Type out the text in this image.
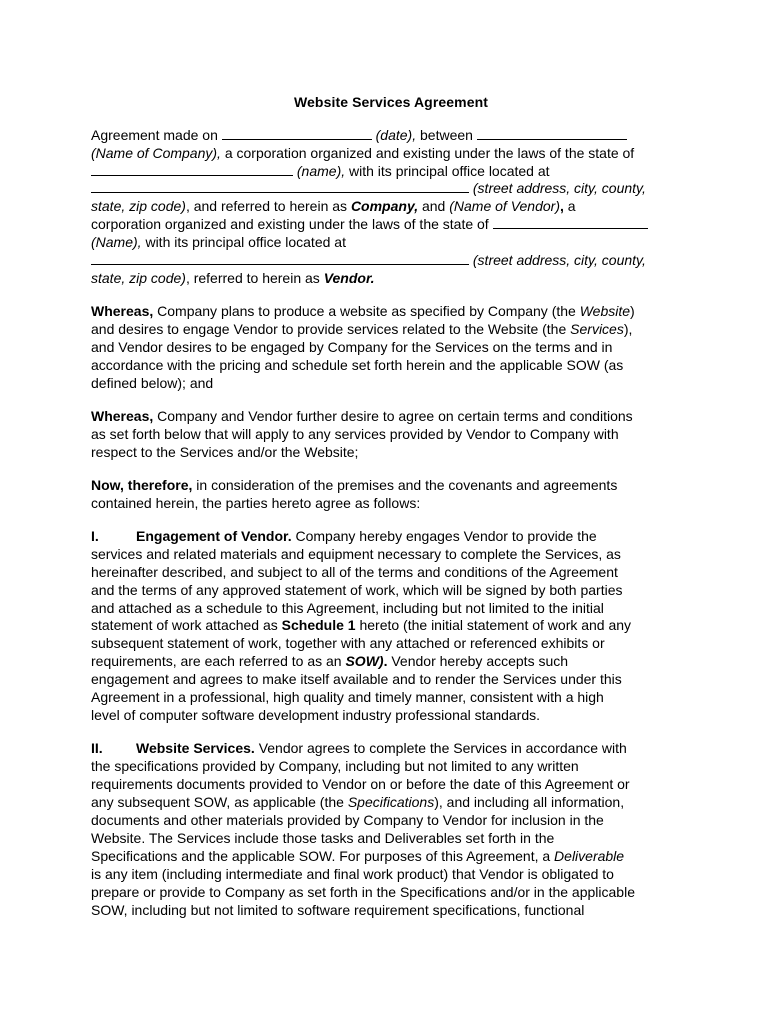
Website Services Agreement
Agreement made on	(date), between
(Name of Company), a corporation organized and existing under the laws of the state of
(name), with its principal office located at
(street address, city, county,
state, zip code), and referred to herein as Company, and (Name of Vendor), a
corporation organized and existing under the laws of the state of
(Name), with its principal office located at
(street address, city, county,
state, zip code), referred to herein as Vendor.
Whereas, Company plans to produce a website as specified by Company (the Website)
and desires to engage Vendor to provide services related to the Website (the Services),
and Vendor desires to be engaged by Company for the Services on the terms and in
accordance with the pricing and schedule set forth herein and the applicable SOW (as
defined below); and
Whereas, Company and Vendor further desire to agree on certain terms and conditions
as set forth below that will apply to any services provided by Vendor to Company with
respect to the Services and/or the Website;
Now, therefore, in consideration of the premises and the covenants and agreements
contained herein, the parties hereto agree as follows:
I.	Engagement of Vendor. Company hereby engages Vendor to provide the
services and related materials and equipment necessary to complete the Services, as
hereinafter described, and subject to all of the terms and conditions of the Agreement
and the terms of any approved statement of work, which will be signed by both parties
and attached as a schedule to this Agreement, including but not limited to the initial
statement of work attached as Schedule 1 hereto (the initial statement of work and any
subsequent statement of work, together with any attached or referenced exhibits or
requirements, are each referred to as an SOW). Vendor hereby accepts such
engagement and agrees to make itself available and to render the Services under this
Agreement in a professional, high quality and timely manner, consistent with a high
level of computer software development industry professional standards.
II. Website Services. Vendor agrees to complete the Services in accordance with
the specifications provided by Company, including but not limited to any written
requirements documents provided to Vendor on or before the date of this Agreement or
any subsequent SOW, as applicable (the Specifications), and including all information,
documents and other materials provided by Company to Vendor for inclusion in the
Website. The Services include those tasks and Deliverables set forth in the
Specifications and the applicable SOW. For purposes of this Agreement, a Deliverable
is any item (including intermediate and final work product) that Vendor is obligated to
prepare or provide to Company as set forth in the Specifications and/or in the applicable
SOW, including but not limited to software requirement specifications, functional
